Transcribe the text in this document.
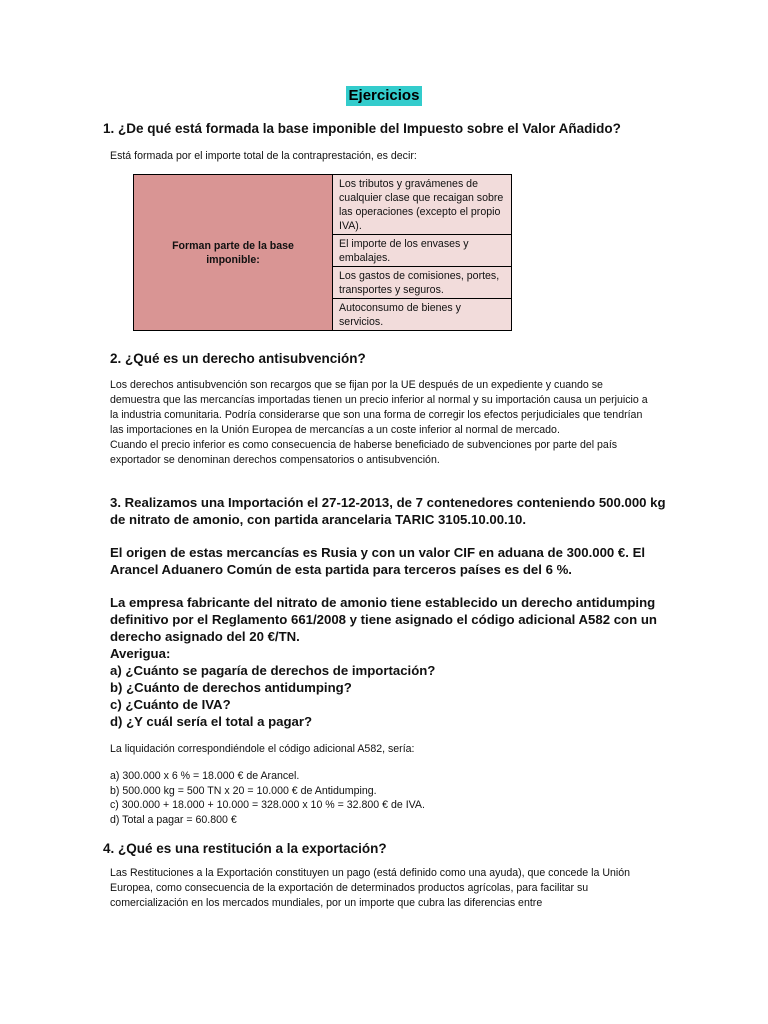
Ejercicios
1. ¿De qué está formada la base imponible del Impuesto sobre el Valor Añadido?
Está formada por el importe total de la contraprestación, es decir:
Forman parte de la base imponible:	Los tributos y gravámenes de cualquier clase que recaigan sobre las operaciones (excepto el propio IVA).
El importe de los envases y embalajes.
Los gastos de comisiones, portes, transportes y seguros.
Autoconsumo de bienes y servicios.
2. ¿Qué es un derecho antisubvención?
Los derechos antisubvención son recargos que se fijan por la UE después de un expediente y cuando se demuestra que las mercancías importadas tienen un precio inferior al normal y su importación causa un perjuicio a la industria comunitaria. Podría considerarse que son una forma de corregir los efectos perjudiciales que tendrían las importaciones en la Unión Europea de mercancías a un coste inferior al normal de mercado.
Cuando el precio inferior es como consecuencia de haberse beneficiado de subvenciones por parte del país exportador se denominan derechos compensatorios o antisubvención.

3. Realizamos una Importación el 27-12-2013, de 7 contenedores conteniendo 500.000 kg de nitrato de amonio, con partida arancelaria TARIC 3105.10.00.10.

El origen de estas mercancías es Rusia y con un valor CIF en aduana de 300.000 €. El Arancel Aduanero Común de esta partida para terceros países es del 6 %.

La empresa fabricante del nitrato de amonio tiene establecido un derecho antidumping definitivo por el Reglamento 661/2008 y tiene asignado el código adicional A582 con un derecho asignado del 20 €/TN.

Averigua:
a) ¿Cuánto se pagaría de derechos de importación?
b) ¿Cuánto de derechos antidumping?
c) ¿Cuánto de IVA?
d) ¿Y cuál sería el total a pagar?
La liquidación correspondiéndole el código adicional A582, sería:
a) 300.000 x 6 % = 18.000 € de Arancel.
b) 500.000 kg = 500 TN x 20 = 10.000 € de Antidumping.
c) 300.000 + 18.000 + 10.000 = 328.000 x 10 % = 32.800 € de IVA.
d) Total a pagar = 60.800 €
4. ¿Qué es una restitución a la exportación?
Las Restituciones a la Exportación constituyen un pago (está definido como una ayuda), que concede la Unión Europea, como consecuencia de la exportación de determinados productos agrícolas, para facilitar su comercialización en los mercados mundiales, por un importe que cubra las diferencias entre
